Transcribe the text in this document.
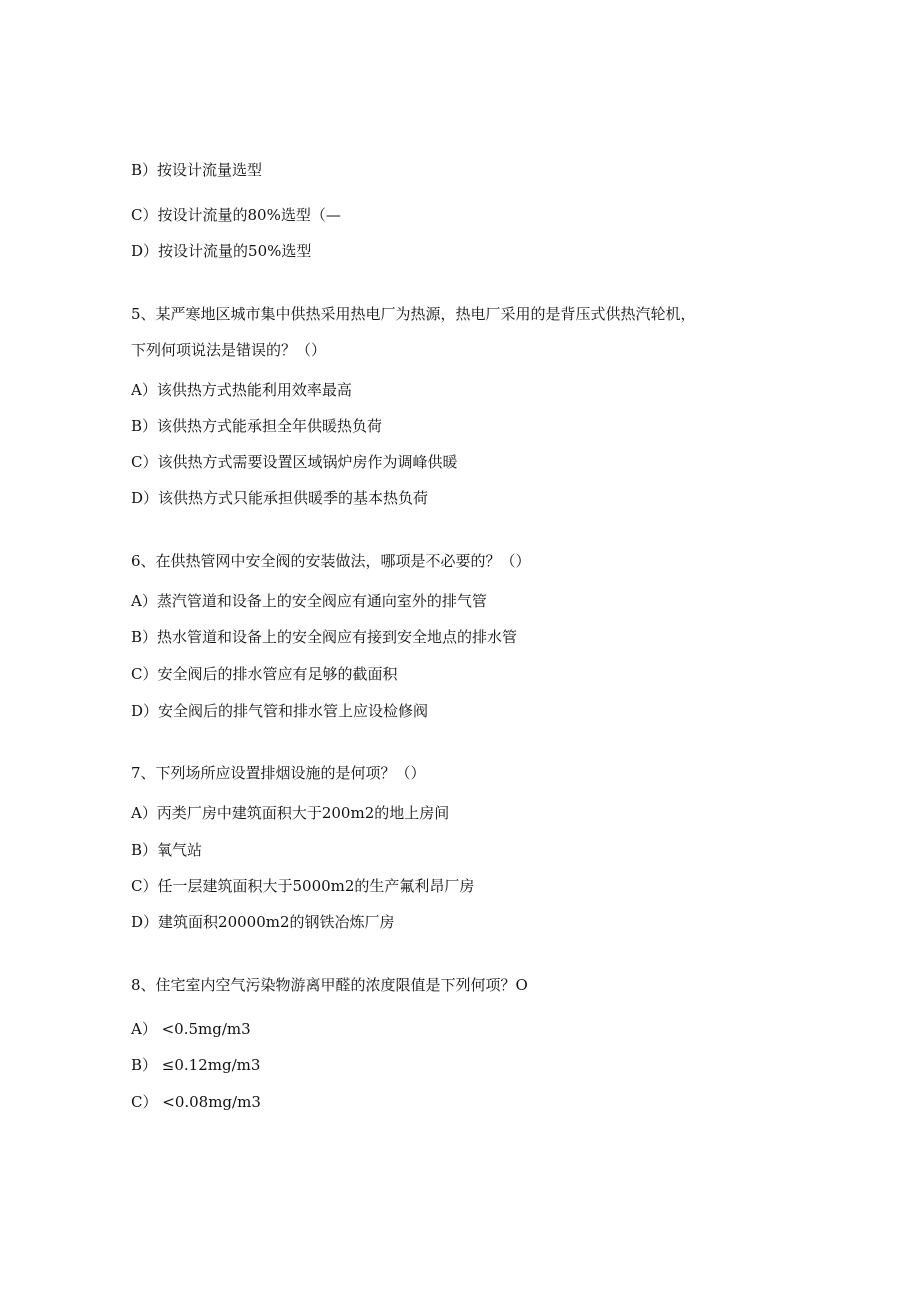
B）按设计流量选型
C）按设计流量的80%选型（—
D）按设计流量的50%选型
5、某严寒地区城市集中供热采用热电厂为热源，热电厂采用的是背压式供热汽轮机，
下列何项说法是错误的？（）
A）该供热方式热能利用效率最高
B）该供热方式能承担全年供暖热负荷
C）该供热方式需要设置区域锅炉房作为调峰供暖
D）该供热方式只能承担供暖季的基本热负荷
6、在供热管网中安全阀的安装做法，哪项是不必要的？（）
A）蒸汽管道和设备上的安全阀应有通向室外的排气管
B）热水管道和设备上的安全阀应有接到安全地点的排水管
C）安全阀后的排水管应有足够的截面积
D）安全阀后的排气管和排水管上应设检修阀
7、下列场所应设置排烟设施的是何项？（）
A）丙类厂房中建筑面积大于200m2的地上房间
B）氧气站
C）任一层建筑面积大于5000m2的生产氟利昂厂房
D）建筑面积20000m2的钢铁冶炼厂房
8、住宅室内空气污染物游离甲醛的浓度限值是下列何项？O
A） <0.5mg∕m3
B） ≤0.12mg∕m3
C） <0.08mg∕m3
